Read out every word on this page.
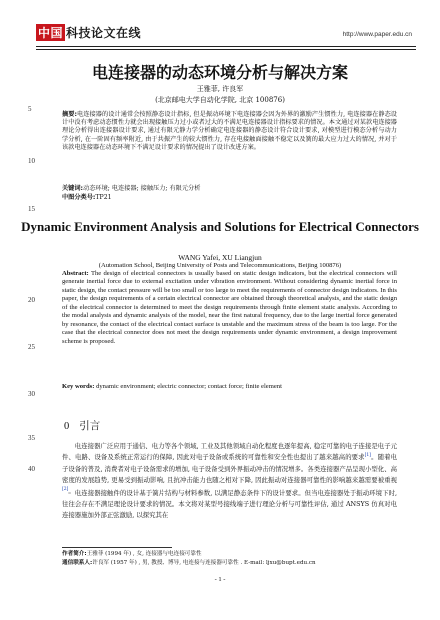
中国 科技论文在线	http://www.paper.edu.cn
5
10
15
20
25
30
35
40
电连接器的动态环境分析与解决方案
王雅菲, 许良军
(北京邮电大学自动化学院, 北京 100876)
摘要:电连接器的设计通常会按照静态设计指标, 但是振动环境下电连接器会因为外界的激励产生惯性力, 电连接器在静态设计中没有考虑动态惯性力就会出现接触压力过小或者过大的不满足电连接器设计指标要求的情况。本文通过对某款电连接器理论分析得出连接器设计要求, 通过有限元静力学分析确定电连接器的静态设计符合设计要求, 对模型进行模态分析与动力学分析, 在一阶固有频率附近, 由于共振产生的较大惯性力, 存在电接触面接触不稳定以及簧的最大应力过大的情况, 并对于该款电连接器在动态环境下不满足设计要求的情况提出了设计改进方案。
关键词:动态环境; 电连接器; 接触压力; 有限元分析
中图分类号:TP21
Dynamic Environment Analysis and Solutions for Electrical Connectors
WANG Yafei, XU Liangjun
(Automation School, Beijing University of Posts and Telecommunications, Beijing 100876)
Abstract: The design of electrical connectors is usually based on static design indicators, but the electrical connectors will generate inertial force due to external excitation under vibration environment. Without considering dynamic inertial force in static design, the contact pressure will be too small or too large to meet the requirements of connector design indicators. In this paper, the design requirements of a certain electrical connector are obtained through theoretical analysis, and the static design of the electrical connector is determined to meet the design requirements through finite element static analysis. According to the modal analysis and dynamic analysis of the model, near the first natural frequency, due to the large inertial force generated by resonance, the contact of the electrical contact surface is unstable and the maximum stress of the beam is too large. For the case that the electrical connector does not meet the design requirements under dynamic environment, a design improvement scheme is proposed.
Key words: dynamic environment; electric connector; contact force; finite element
0 引言
电连接器广泛应用于通信、电力等各个领域, 工业及其他领域自动化程度也逐年提高, 稳定可靠的电子连接是电子元件、电路、设备及系统正常运行的保障, 因此对电子设备或系统的可靠性和安全性也提出了越来越高的要求[1]。随着电子设备的普及, 消费者对电子设备需求的增加, 电子设备受到外界振动冲击的情况增多。各类连接器产品呈现小型化、高密度的发展趋势, 更易受到振动影响, 且抗冲击能力也随之相对下降, 因此振动对连接器可靠性的影响越来越需要被重视[2]。 电连接器接触件的设计基于簧片结构与材料参数, 以满足静态条件下的设计要求。但当电连接器处于振动环境下时, 往往会存在不满足理论设计要求的情况。本文将对某型号接线端子进行理论分析与可靠性评估, 通过 ANSYS 仿真对电连接器施加外部正弦激励, 以探究其在
作者简介:王雅菲 (1994 年) , 女, 连接器与电连接可靠性
通信联系人:许良军 (1957 年) , 男, 教授、博导, 电连接与连接器可靠性 . E-mail: ljxu@bupt.edu.cn
- 1 -
